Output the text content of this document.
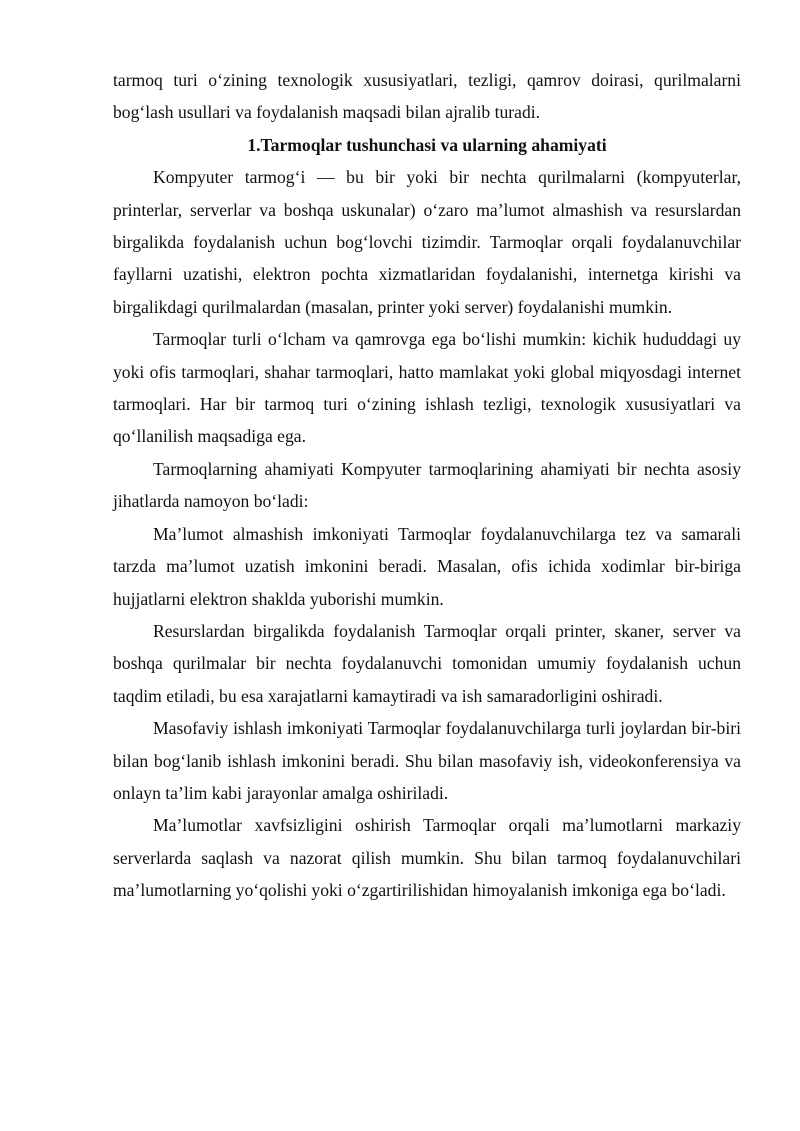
tarmoq turi oʻzining texnologik xususiyatlari, tezligi, qamrov doirasi, qurilmalarni bogʻlash usullari va foydalanish maqsadi bilan ajralib turadi.

1.Tarmoqlar tushunchasi va ularning ahamiyati

Kompyuter tarmogʻi — bu bir yoki bir nechta qurilmalarni (kompyuterlar, printerlar, serverlar va boshqa uskunalar) oʻzaro maʼlumot almashish va resurslardan birgalikda foydalanish uchun bogʻlovchi tizimdir. Tarmoqlar orqali foydalanuvchilar fayllarni uzatishi, elektron pochta xizmatlaridan foydalanishi, internetga kirishi va birgalikdagi qurilmalardan (masalan, printer yoki server) foydalanishi mumkin.

Tarmoqlar turli oʻlcham va qamrovga ega boʻlishi mumkin: kichik hududdagi uy yoki ofis tarmoqlari, shahar tarmoqlari, hatto mamlakat yoki global miqyosdagi internet tarmoqlari. Har bir tarmoq turi oʻzining ishlash tezligi, texnologik xususiyatlari va qoʻllanilish maqsadiga ega.

Tarmoqlarning ahamiyati Kompyuter tarmoqlarining ahamiyati bir nechta asosiy jihatlarda namoyon boʻladi:

Maʼlumot almashish imkoniyati Tarmoqlar foydalanuvchilarga tez va samarali tarzda maʼlumot uzatish imkonini beradi. Masalan, ofis ichida xodimlar bir-biriga hujjatlarni elektron shaklda yuborishi mumkin.

Resurslardan birgalikda foydalanish Tarmoqlar orqali printer, skaner, server va boshqa qurilmalar bir nechta foydalanuvchi tomonidan umumiy foydalanish uchun taqdim etiladi, bu esa xarajatlarni kamaytiradi va ish samaradorligini oshiradi.

Masofaviy ishlash imkoniyati Tarmoqlar foydalanuvchilarga turli joylardan bir-biri bilan bogʻlanib ishlash imkonini beradi. Shu bilan masofaviy ish, videokonferensiya va onlayn taʼlim kabi jarayonlar amalga oshiriladi.

Maʼlumotlar xavfsizligini oshirish Tarmoqlar orqali maʼlumotlarni markaziy serverlarda saqlash va nazorat qilish mumkin. Shu bilan tarmoq foydalanuvchilari maʼlumotlarning yoʻqolishi yoki oʻzgartirilishidan himoyalanish imkoniga ega boʻladi.
